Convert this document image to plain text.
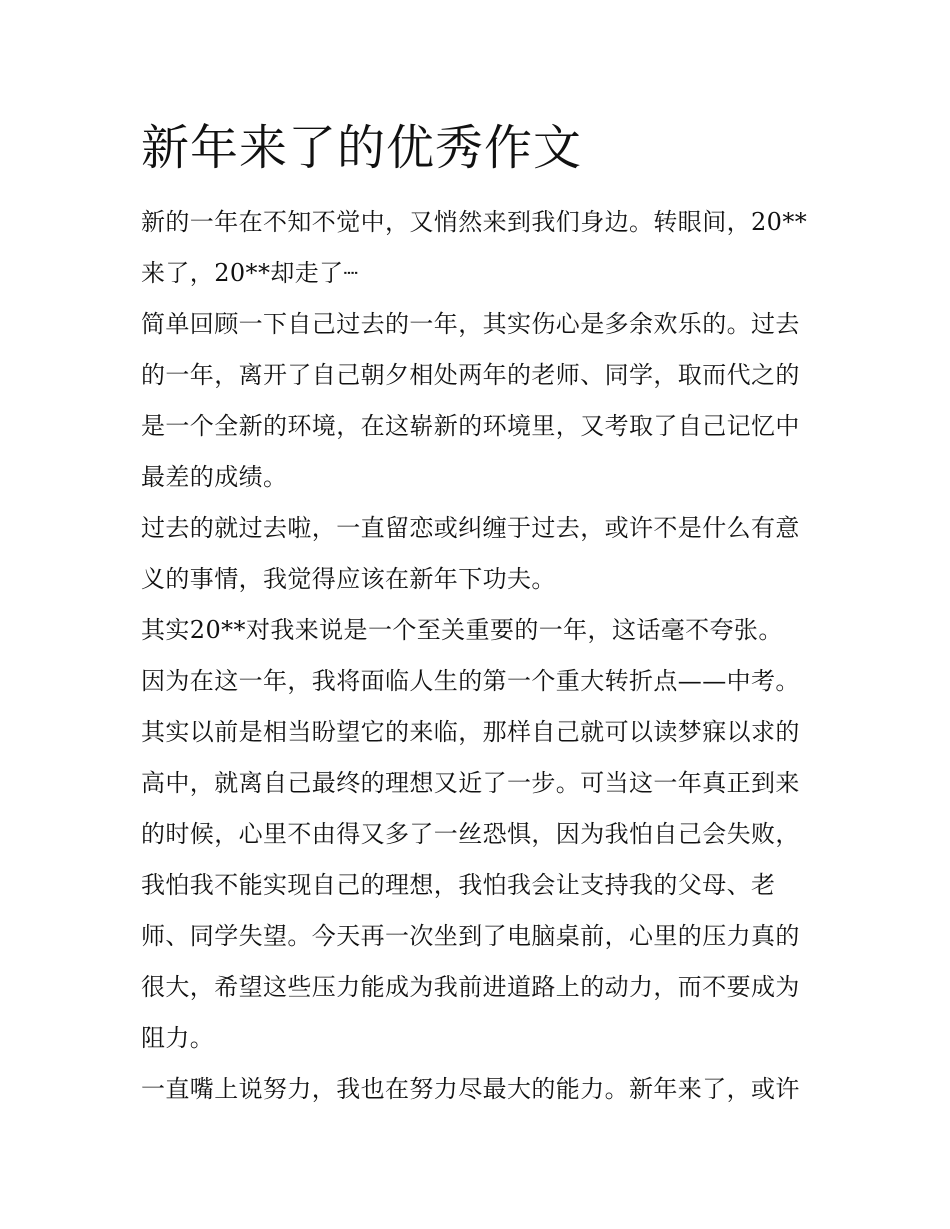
新年来了的优秀作文
新的一年在不知不觉中，又悄然来到我们身边。转眼间，20**
来了，20**却走了┈
简单回顾一下自己过去的一年，其实伤心是多余欢乐的。过去
的一年，离开了自己朝夕相处两年的老师、同学，取而代之的
是一个全新的环境，在这崭新的环境里，又考取了自己记忆中
最差的成绩。
过去的就过去啦，一直留恋或纠缠于过去，或许不是什么有意
义的事情，我觉得应该在新年下功夫。
其实20**对我来说是一个至关重要的一年，这话毫不夸张。
因为在这一年，我将面临人生的第一个重大转折点——中考。
其实以前是相当盼望它的来临，那样自己就可以读梦寐以求的
高中，就离自己最终的理想又近了一步。可当这一年真正到来
的时候，心里不由得又多了一丝恐惧，因为我怕自己会失败，
我怕我不能实现自己的理想，我怕我会让支持我的父母、老
师、同学失望。今天再一次坐到了电脑桌前，心里的压力真的
很大，希望这些压力能成为我前进道路上的动力，而不要成为
阻力。
一直嘴上说努力，我也在努力尽最大的能力。新年来了，或许
